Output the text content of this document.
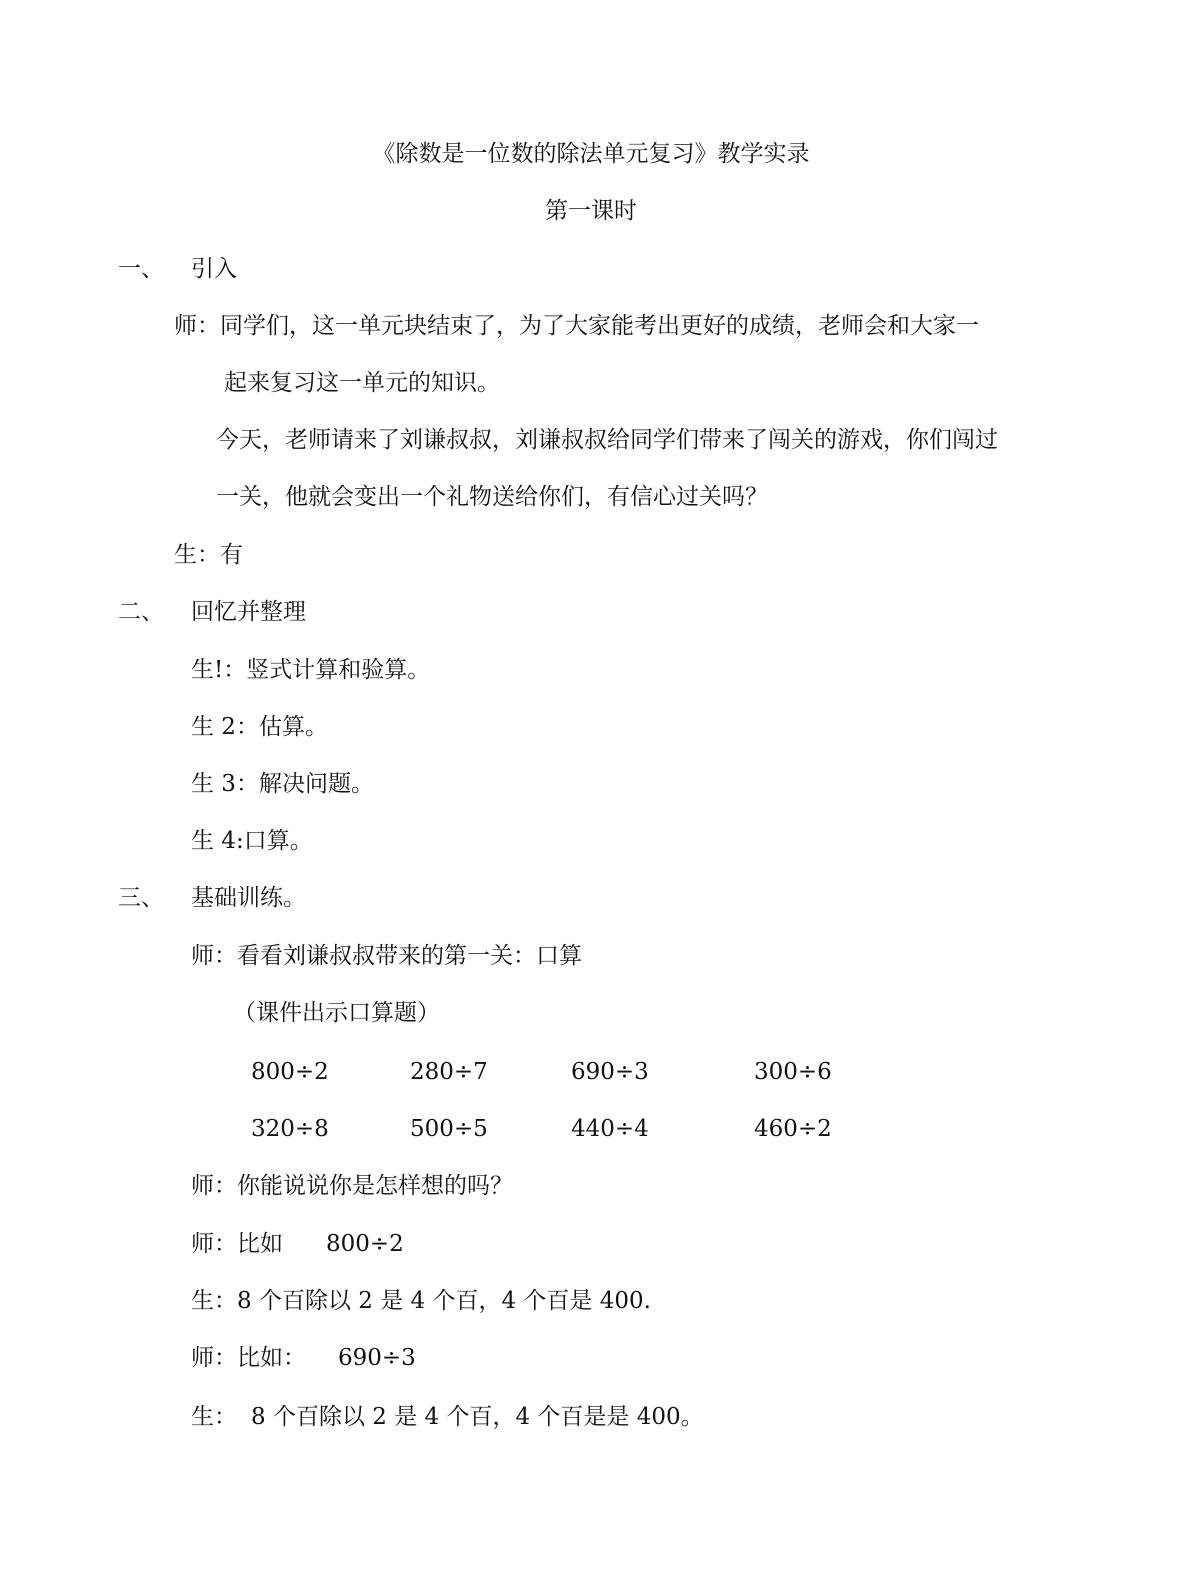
《除数是一位数的除法单元复习》教学实录
第一课时
一、 引入
师：同学们，这一单元块结束了，为了大家能考出更好的成绩，老师会和大家一
起来复习这一单元的知识。
今天，老师请来了刘谦叔叔，刘谦叔叔给同学们带来了闯关的游戏，你们闯过
一关，他就会变出一个礼物送给你们，有信心过关吗？
生：有
二、 回忆并整理
生!：竖式计算和验算。
生 2：估算。
生 3：解决问题。
生 4:口算。
三、 基础训练。
师：看看刘谦叔叔带来的第一关：口算
（课件出示口算题）
800÷2	280÷7	690÷3	300÷6
320÷8	500÷5	440÷4	460÷2
师：你能说说你是怎样想的吗？
师：比如 800÷2
生：8 个百除以 2 是 4 个百，4 个百是 400.
师：比如： 690÷3
生： 8 个百除以 2 是 4 个百，4 个百是是 400。
